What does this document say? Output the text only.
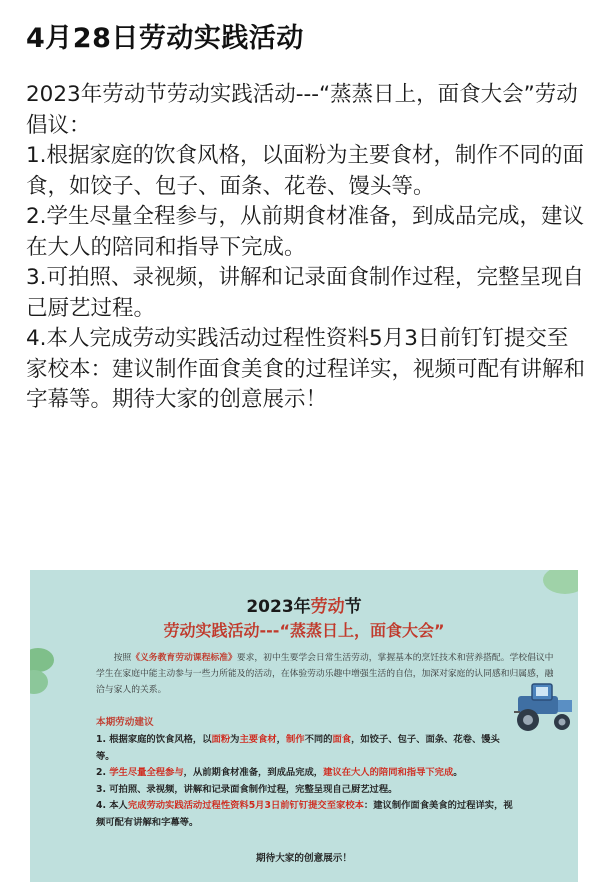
4月28日劳动实践活动

2023年劳动节劳动实践活动---“蒸蒸日上，面食大会”劳动倡议：

1.根据家庭的饮食风格，以面粉为主要食材，制作不同的面食，如饺子、包子、面条、花卷、馒头等。

2.学生尽量全程参与，从前期食材准备，到成品完成，建议在大人的陪同和指导下完成。

3.可拍照、录视频，讲解和记录面食制作过程，完整呈现自己厨艺过程。

4.本人完成劳动实践活动过程性资料5月3日前钉钉提交至家校本：建议制作面食美食的过程详实，视频可配有讲解和字幕等。期待大家的创意展示！

2023年劳动节
劳动实践活动---“蒸蒸日上，面食大会”
按照《义务教育劳动课程标准》要求，初中生要学会日常生活劳动，掌握基本的烹饪技术和营养搭配。学校倡议中学生在家庭中能主动参与一些力所能及的活动，在体验劳动乐趣中增强生活的自信，加深对家庭的认同感和归属感，融洽与家人的关系。
本期劳动建议

1. 根据家庭的饮食风格，以面粉为主要食材，制作不同的面食，如饺子、包子、面条、花卷、馒头等。

2. 学生尽量全程参与，从前期食材准备，到成品完成，建议在大人的陪同和指导下完成。

3. 可拍照、录视频，讲解和记录面食制作过程，完整呈现自己厨艺过程。

4. 本人完成劳动实践活动过程性资料5月3日前钉钉提交至家校本：建议制作面食美食的过程详实，视频可配有讲解和字幕等。

期待大家的创意展示！
